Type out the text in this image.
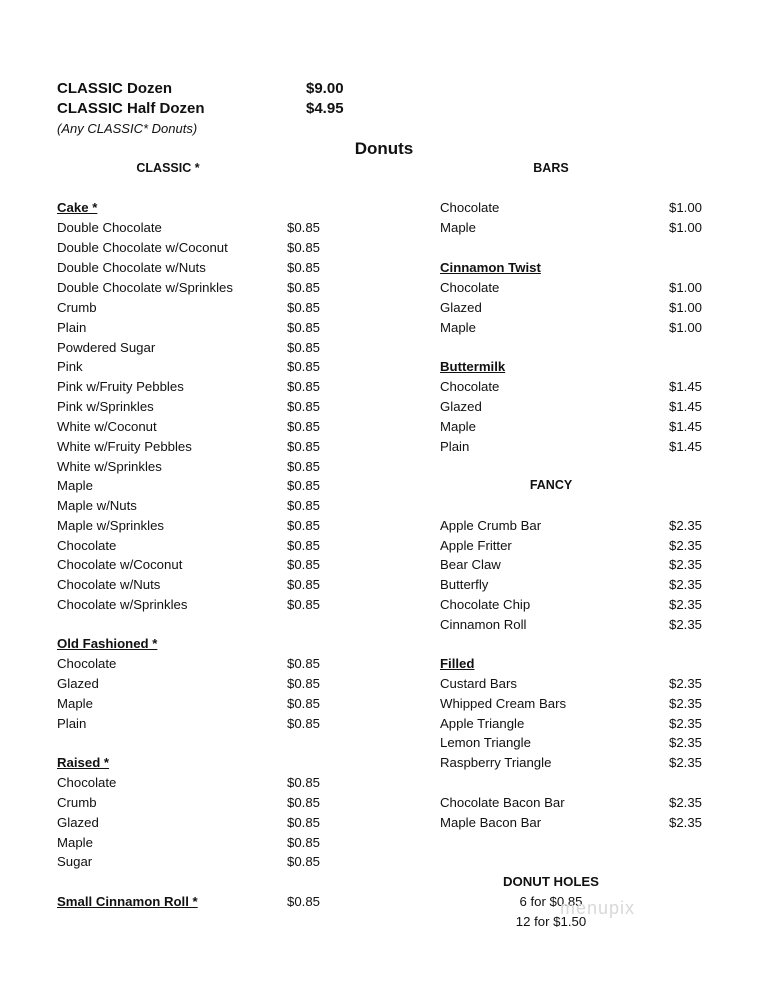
CLASSIC Dozen	$9.00
CLASSIC Half Dozen	$4.95
(Any CLASSIC* Donuts)
Donuts
CLASSIC *	BARS
Cake *
Double Chocolate	$0.85
Double Chocolate w/Coconut	$0.85
Double Chocolate w/Nuts	$0.85
Double Chocolate w/Sprinkles	$0.85
Crumb	$0.85
Plain	$0.85
Powdered Sugar	$0.85
Pink	$0.85
Pink w/Fruity Pebbles	$0.85
Pink w/Sprinkles	$0.85
White w/Coconut	$0.85
White w/Fruity Pebbles	$0.85
White w/Sprinkles	$0.85
Maple	$0.85
Maple w/Nuts	$0.85
Maple w/Sprinkles	$0.85
Chocolate	$0.85
Chocolate w/Coconut	$0.85
Chocolate w/Nuts	$0.85
Chocolate w/Sprinkles	$0.85
Old Fashioned *
Chocolate	$0.85
Glazed	$0.85
Maple	$0.85
Plain	$0.85
Raised *
Chocolate	$0.85
Crumb	$0.85
Glazed	$0.85
Maple	$0.85
Sugar	$0.85
Small Cinnamon Roll *	$0.85
Chocolate	$1.00
Maple	$1.00
Cinnamon Twist
Chocolate	$1.00
Glazed	$1.00
Maple	$1.00
Buttermilk
Chocolate	$1.45
Glazed	$1.45
Maple	$1.45
Plain	$1.45
FANCY
Apple Crumb Bar	$2.35
Apple Fritter	$2.35
Bear Claw	$2.35
Butterfly	$2.35
Chocolate Chip	$2.35
Cinnamon Roll	$2.35
Filled
Custard Bars	$2.35
Whipped Cream Bars	$2.35
Apple Triangle	$2.35
Lemon Triangle	$2.35
Raspberry Triangle	$2.35
Chocolate Bacon Bar	$2.35
Maple Bacon Bar	$2.35
DONUT HOLES
6 for $0.85
12 for $1.50
menupix
